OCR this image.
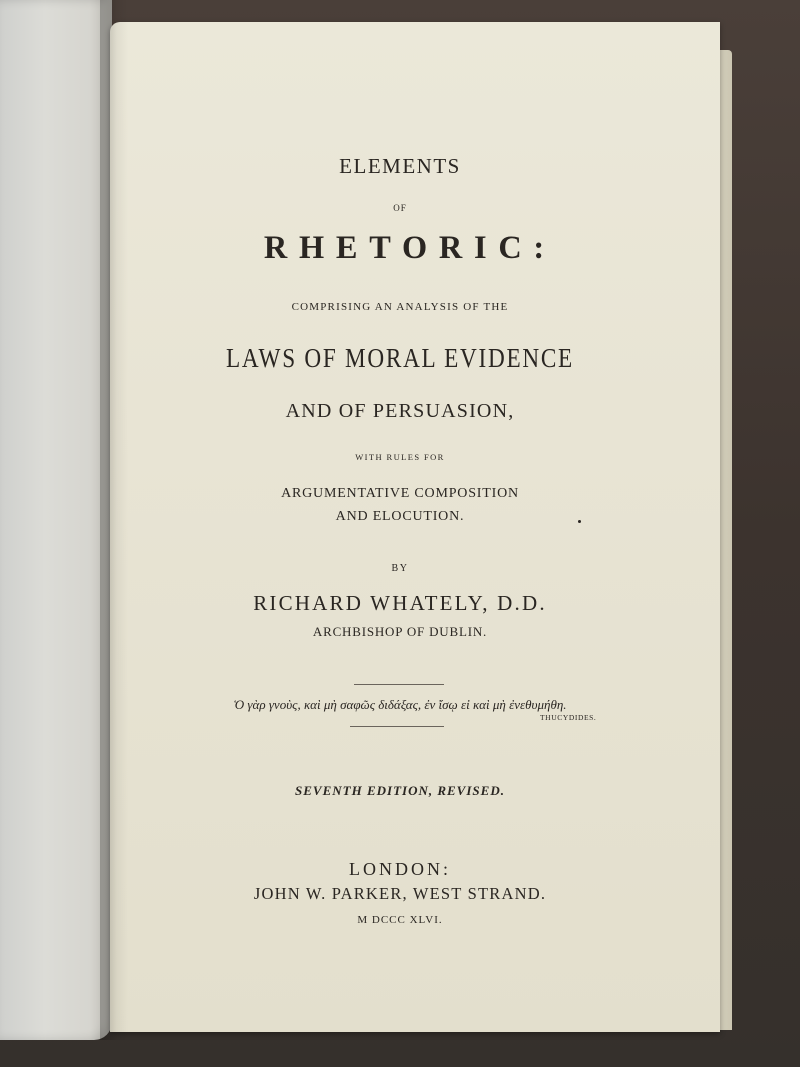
ELEMENTS
OF
RHETORIC:
COMPRISING AN ANALYSIS OF THE
LAWS OF MORAL EVIDENCE
AND OF PERSUASION,
WITH RULES FOR
ARGUMENTATIVE COMPOSITION
AND ELOCUTION.
BY
RICHARD WHATELY, D.D.
ARCHBISHOP OF DUBLIN.
Ὁ γὰρ γνοὺς, καὶ μὴ σαφῶς διδάξας, ἐν ἴσῳ εἰ καὶ μὴ ἐνεθυμήθη.
THUCYDIDES.
SEVENTH EDITION, REVISED.
LONDON:
JOHN W. PARKER, WEST STRAND.
M DCCC XLVI.
